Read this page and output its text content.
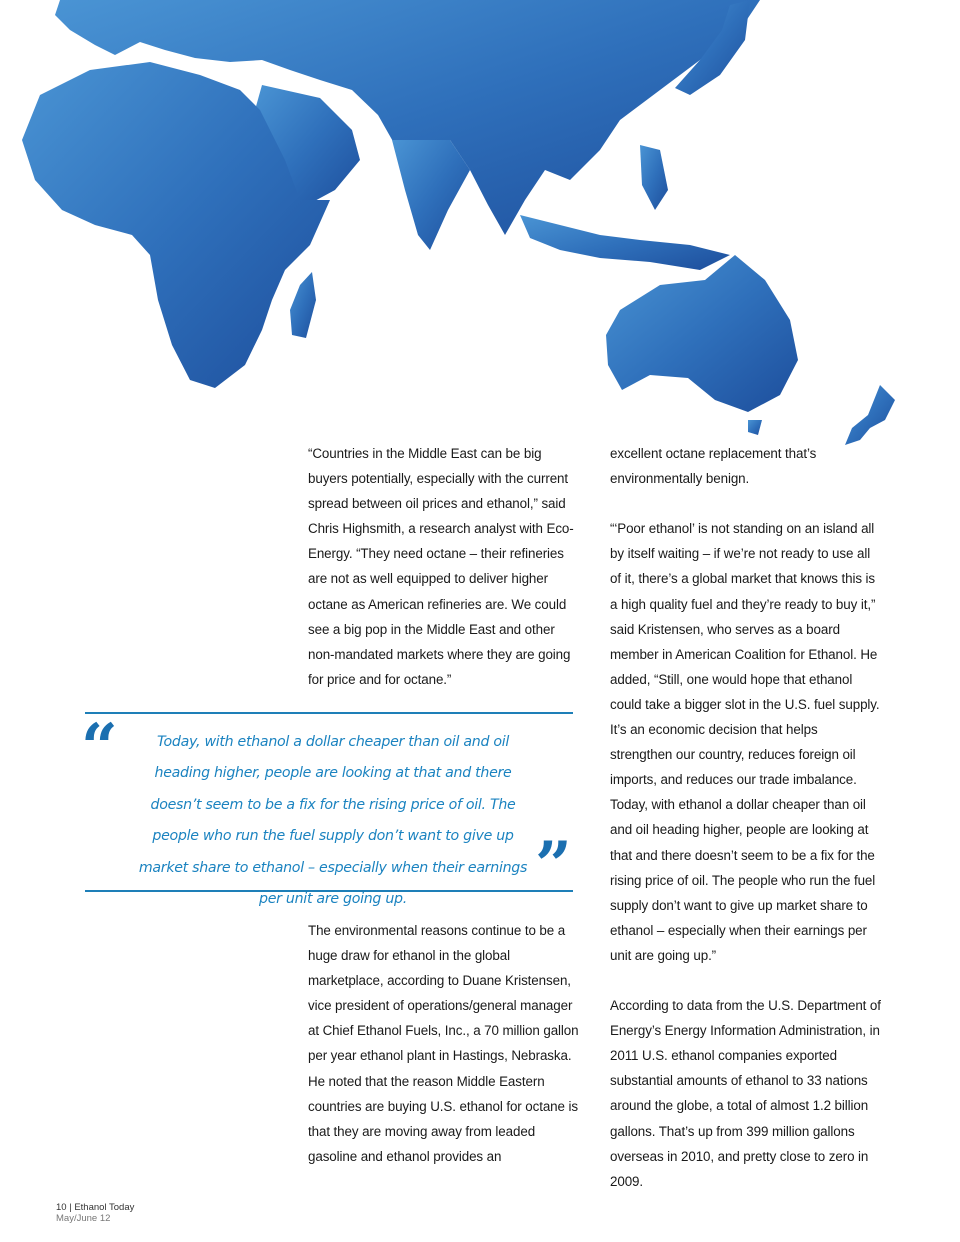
“Countries in the Middle East can be big buyers potentially, especially with the current spread between oil prices and ethanol,” said Chris Highsmith, a research analyst with Eco-Energy. “They need octane – their refineries are not as well equipped to deliver higher octane as American refineries are. We could see a big pop in the Middle East and other non-mandated markets where they are going for price and for octane.”

“	Today, with ethanol a dollar cheaper than oil and oil heading higher, people are looking at that and there doesn’t seem to be a fix for the rising price of oil. The people who run the fuel supply don’t want to give up market share to ethanol – especially when their earnings per unit are going up.	”

The environmental reasons continue to be a huge draw for ethanol in the global marketplace, according to Duane Kristensen, vice president of operations/general manager at Chief Ethanol Fuels, Inc., a 70 million gallon per year ethanol plant in Hastings, Nebraska. He noted that the reason Middle Eastern countries are buying U.S. ethanol for octane is that they are moving away from leaded gasoline and ethanol provides an

excellent octane replacement that’s environmentally benign.

“‘Poor ethanol’ is not standing on an island all by itself waiting – if we’re not ready to use all of it, there’s a global market that knows this is a high quality fuel and they’re ready to buy it,” said Kristensen, who serves as a board member in American Coalition for Ethanol. He added, “Still, one would hope that ethanol could take a bigger slot in the U.S. fuel supply. It’s an economic decision that helps strengthen our country, reduces foreign oil imports, and reduces our trade imbalance. Today, with ethanol a dollar cheaper than oil and oil heading higher, people are looking at that and there doesn’t seem to be a fix for the rising price of oil. The people who run the fuel supply don’t want to give up market share to ethanol – especially when their earnings per unit are going up.”

According to data from the U.S. Department of Energy’s Energy Information Administration, in 2011 U.S. ethanol companies exported substantial amounts of ethanol to 33 nations around the globe, a total of almost 1.2 billion gallons. That’s up from 399 million gallons overseas in 2010, and pretty close to zero in 2009.

10 | Ethanol Today
May/June 12
